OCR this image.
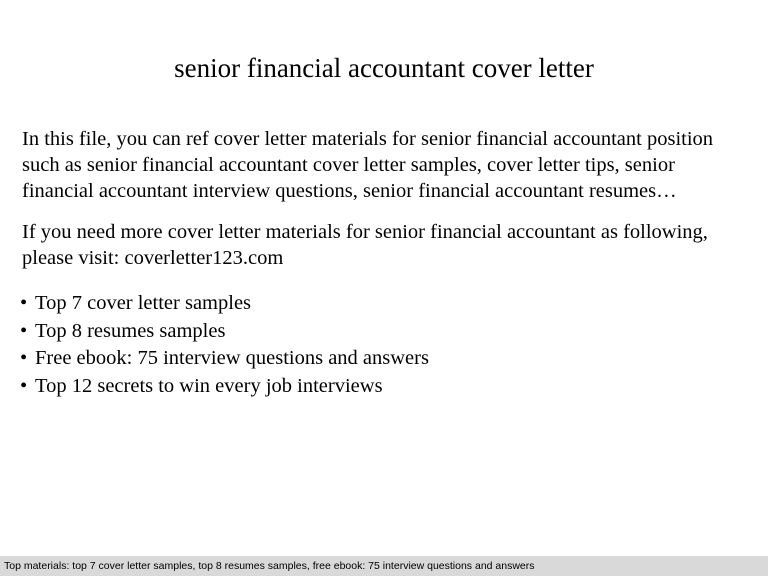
senior financial accountant cover letter

In this file, you can ref cover letter materials for senior financial accountant position
such as senior financial accountant cover letter samples, cover letter tips, senior
financial accountant interview questions, senior financial accountant resumes…

If you need more cover letter materials for senior financial accountant as following,
please visit: coverletter123.com

• Top 7 cover letter samples
• Top 8 resumes samples
• Free ebook: 75 interview questions and answers
• Top 12 secrets to win every job interviews
Top materials: top 7 cover letter samples, top 8 resumes samples, free ebook: 75 interview questions and answers
